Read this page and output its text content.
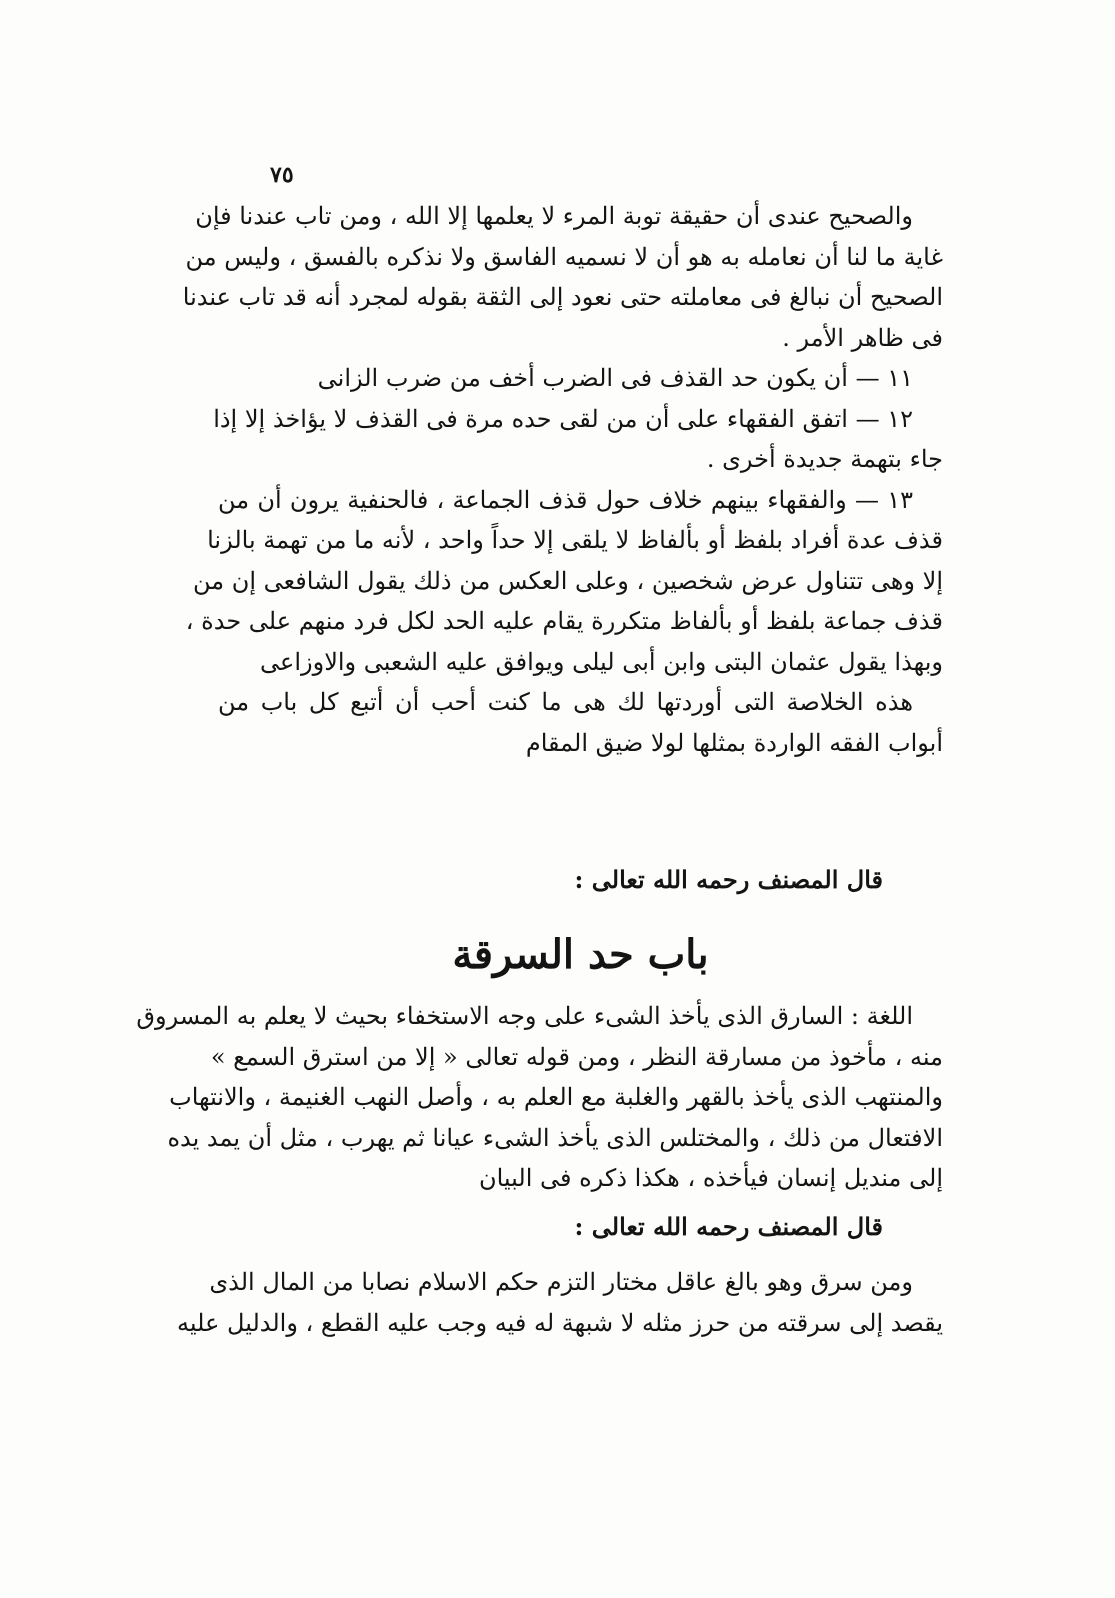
٧٥
والصحيح عندى أن حقيقة توبة المرء لا يعلمها إلا الله ، ومن تاب عندنا فإن
غاية ما لنا أن نعامله به هو أن لا نسميه الفاسق ولا نذكره بالفسق ، وليس من
الصحيح أن نبالغ فى معاملته حتى نعود إلى الثقة بقوله لمجرد أنه قد تاب عندنا
فى ظاهر الأمر .
١١ — أن يكون حد القذف فى الضرب أخف من ضرب الزانى
١٢ — اتفق الفقهاء على أن من لقى حده مرة فى القذف لا يؤاخذ إلا إذا
جاء بتهمة جديدة أخرى .
١٣ — والفقهاء بينهم خلاف حول قذف الجماعة ، فالحنفية يرون أن من
قذف عدة أفراد بلفظ أو بألفاظ لا يلقى إلا حداً واحد ، لأنه ما من تهمة بالزنا
إلا وهى تتناول عرض شخصين ، وعلى العكس من ذلك يقول الشافعى إن من
قذف جماعة بلفظ أو بألفاظ متكررة يقام عليه الحد لكل فرد منهم على حدة ،
وبهذا يقول عثمان البتى وابن أبى ليلى ويوافق عليه الشعبى والاوزاعى
هذه الخلاصة التى أوردتها لك هى ما كنت أحب أن أتبع كل باب من
أبواب الفقه الواردة بمثلها لولا ضيق المقام
قال المصنف رحمه الله تعالى :
باب حد السرقة
اللغة : السارق الذى يأخذ الشىء على وجه الاستخفاء بحيث لا يعلم به المسروق
منه ، مأخوذ من مسارقة النظر ، ومن قوله تعالى « إلا من استرق السمع »
والمنتهب الذى يأخذ بالقهر والغلبة مع العلم به ، وأصل النهب الغنيمة ، والانتهاب
الافتعال من ذلك ، والمختلس الذى يأخذ الشىء عيانا ثم يهرب ، مثل أن يمد يده
إلى منديل إنسان فيأخذه ، هكذا ذكره فى البيان
قال المصنف رحمه الله تعالى :
ومن سرق وهو بالغ عاقل مختار التزم حكم الاسلام نصابا من المال الذى
يقصد إلى سرقته من حرز مثله لا شبهة له فيه وجب عليه القطع ، والدليل عليه
